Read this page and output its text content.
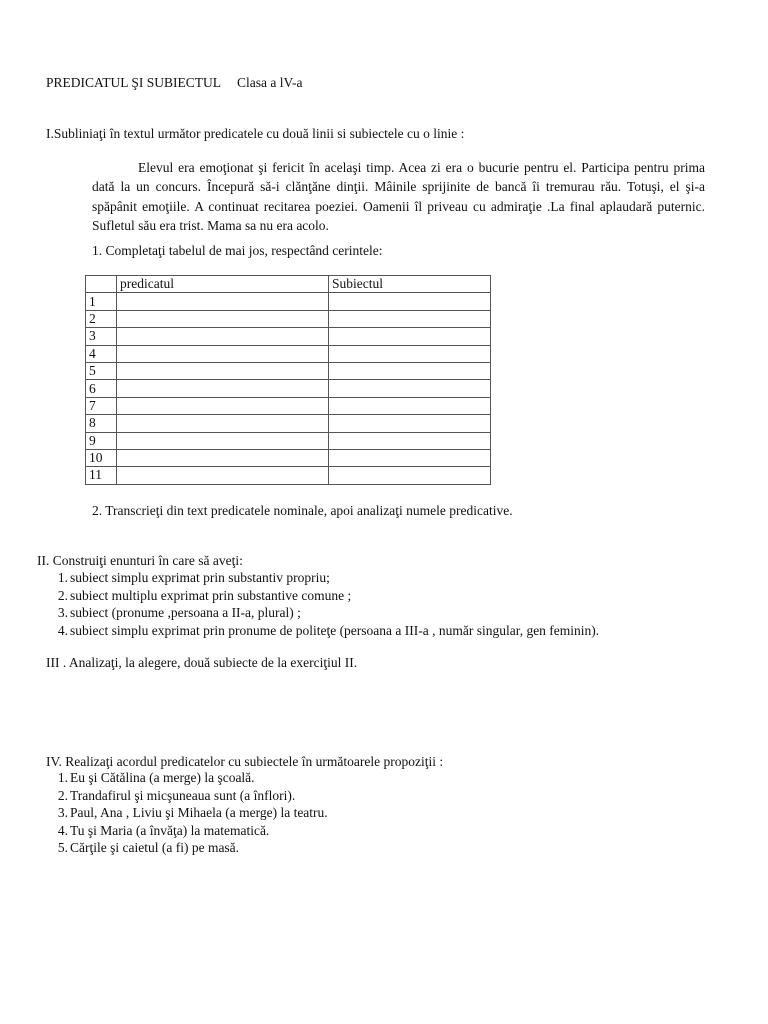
PREDICATUL ŞI SUBIECTUL Clasa a lV-a
I.Subliniaţi în textul următor predicatele cu două linii si subiectele cu o linie :
Elevul era emoţionat şi fericit în acelaşi timp. Acea zi era o bucurie pentru el. Participa pentru prima dată la un concurs. Începură să-i clănţăne dinţii. Mâinile sprijinite de bancă îi tremurau rău. Totuşi, el şi-a spăpânit emoţiile. A continuat recitarea poeziei. Oamenii îl priveau cu admiraţie .La final aplaudară puternic. Sufletul său era trist. Mama sa nu era acolo.
1. Completaţi tabelul de mai jos, respectând cerintele:
	predicatul	Subiectul
1		
2		
3		
4		
5		
6		
7		
8		
9		
10		
11		
2. Transcrieţi din text predicatele nominale, apoi analizaţi numele predicative.
II. Construiţi enunturi în care să aveţi:
1. subiect simplu exprimat prin substantiv propriu;
2. subiect multiplu exprimat prin substantive comune ;
3. subiect (pronume ,persoana a II-a, plural) ;
4. subiect simplu exprimat prin pronume de politeţe (persoana a III-a , număr singular, gen feminin).
III . Analizaţi, la alegere, două subiecte de la exerciţiul II.
IV. Realizaţi acordul predicatelor cu subiectele în următoarele propoziţii :
1. Eu şi Cătălina (a merge) la şcoală.
2. Trandafirul şi micşuneaua sunt (a înflori).
3. Paul, Ana , Liviu şi Mihaela (a merge) la teatru.
4. Tu şi Maria (a învăţa) la matematică.
5. Cărţile şi caietul (a fi) pe masă.
